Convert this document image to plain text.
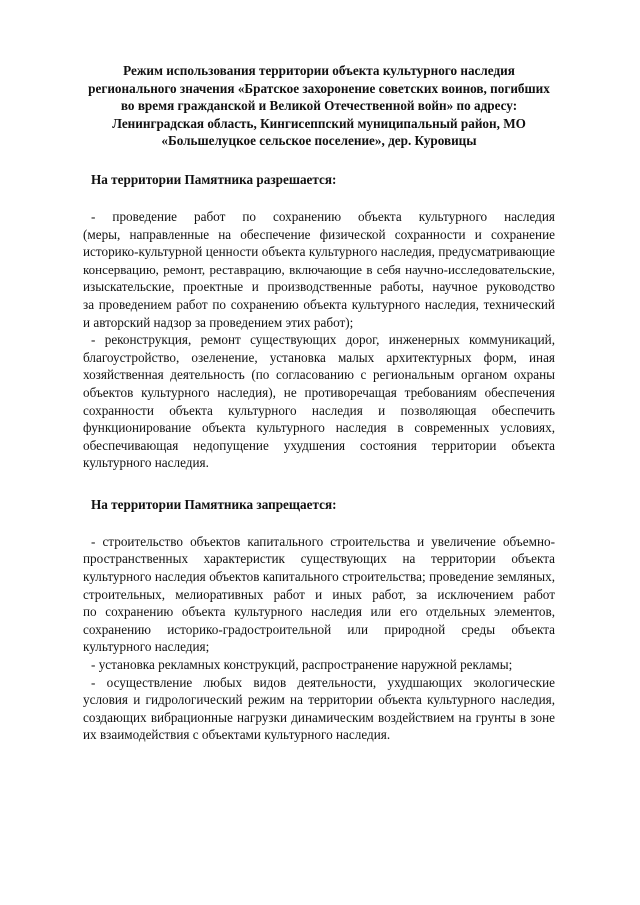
Режим использования территории объекта культурного наследия
регионального значения «Братское захоронение советских воинов, погибших
во время гражданской и Великой Отечественной войн» по адресу:
Ленинградская область, Кингисеппский муниципальный район, МО
«Большелуцкое сельское поселение», дер. Куровицы

На территории Памятника разрешается:

- проведение работ по сохранению объекта культурного наследия
(меры, направленные на обеспечение физической сохранности и сохранение
историко-культурной ценности объекта культурного наследия, предусматривающие
консервацию, ремонт, реставрацию, включающие в себя научно-исследовательские,
изыскательские, проектные и производственные работы, научное руководство
за проведением работ по сохранению объекта культурного наследия, технический
и авторский надзор за проведением этих работ);

- реконструкция, ремонт существующих дорог, инженерных коммуникаций,
благоустройство, озеленение, установка малых архитектурных форм, иная
хозяйственная деятельность (по согласованию с региональным органом охраны
объектов культурного наследия), не противоречащая требованиям обеспечения
сохранности объекта культурного наследия и позволяющая обеспечить
функционирование объекта культурного наследия в современных условиях,
обеспечивающая недопущение ухудшения состояния территории объекта
культурного наследия.

На территории Памятника запрещается:

- строительство объектов капитального строительства и увеличение объемно-
пространственных характеристик существующих на территории объекта
культурного наследия объектов капитального строительства; проведение земляных,
строительных, мелиоративных работ и иных работ, за исключением работ
по сохранению объекта культурного наследия или его отдельных элементов,
сохранению историко-градостроительной или природной среды объекта
культурного наследия;

- установка рекламных конструкций, распространение наружной рекламы;

- осуществление любых видов деятельности, ухудшающих экологические
условия и гидрологический режим на территории объекта культурного наследия,
создающих вибрационные нагрузки динамическим воздействием на грунты в зоне
их взаимодействия с объектами культурного наследия.
